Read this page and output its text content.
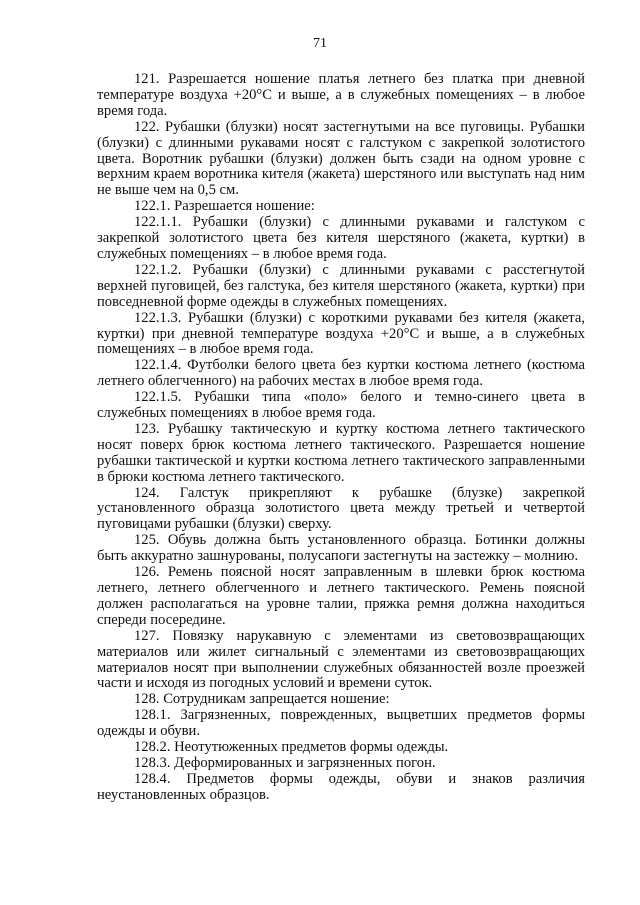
71

121. Разрешается ношение платья летнего без платка при дневной температуре воздуха +20°С и выше, а в служебных помещениях – в любое время года.

122. Рубашки (блузки) носят застегнутыми на все пуговицы. Рубашки (блузки) с длинными рукавами носят с галстуком с закрепкой золотистого цвета. Воротник рубашки (блузки) должен быть сзади на одном уровне с верхним краем воротника кителя (жакета) шерстяного или выступать над ним не выше чем на 0,5 см.

122.1. Разрешается ношение:

122.1.1. Рубашки (блузки) с длинными рукавами и галстуком с закрепкой золотистого цвета без кителя шерстяного (жакета, куртки) в служебных помещениях – в любое время года.

122.1.2. Рубашки (блузки) с длинными рукавами с расстегнутой верхней пуговицей, без галстука, без кителя шерстяного (жакета, куртки) при повседневной форме одежды в служебных помещениях.

122.1.3. Рубашки (блузки) с короткими рукавами без кителя (жакета, куртки) при дневной температуре воздуха +20°С и выше, а в служебных помещениях – в любое время года.

122.1.4. Футболки белого цвета без куртки костюма летнего (костюма летнего облегченного) на рабочих местах в любое время года.

122.1.5. Рубашки типа «поло» белого и темно-синего цвета в служебных помещениях в любое время года.

123. Рубашку тактическую и куртку костюма летнего тактического носят поверх брюк костюма летнего тактического. Разрешается ношение рубашки тактической и куртки костюма летнего тактического заправленными в брюки костюма летнего тактического.

124. Галстук прикрепляют к рубашке (блузке) закрепкой установленного образца золотистого цвета между третьей и четвертой пуговицами рубашки (блузки) сверху.

125. Обувь должна быть установленного образца. Ботинки должны быть аккуратно зашнурованы, полусапоги застегнуты на застежку – молнию.

126. Ремень поясной носят заправленным в шлевки брюк костюма летнего, летнего облегченного и летнего тактического. Ремень поясной должен располагаться на уровне талии, пряжка ремня должна находиться спереди посередине.

127. Повязку нарукавную с элементами из световозвращающих материалов или жилет сигнальный с элементами из световозвращающих материалов носят при выполнении служебных обязанностей возле проезжей части и исходя из погодных условий и времени суток.

128. Сотрудникам запрещается ношение:

128.1. Загрязненных, поврежденных, выцветших предметов формы одежды и обуви.

128.2. Неотутюженных предметов формы одежды.

128.3. Деформированных и загрязненных погон.

128.4. Предметов формы одежды, обуви и знаков различия неустановленных образцов.
